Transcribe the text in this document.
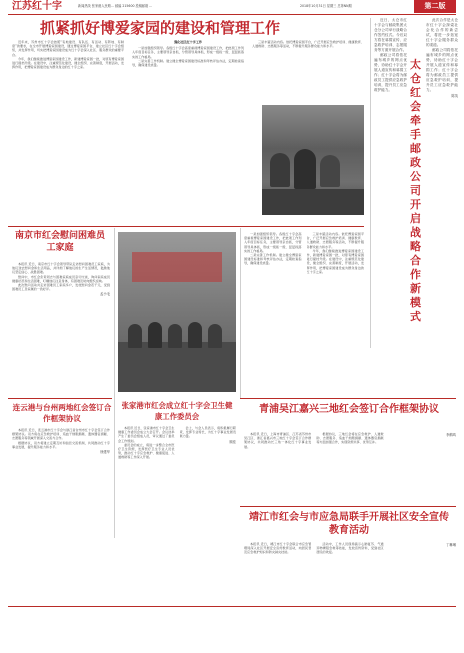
江苏红十字	新闻热线 张家港人民路... 邮编 215600 投稿邮箱 ...	2018年10月31日 星期三 总第NN期	第二版
抓紧抓好博爱家园的建设和管理工作

近年来，苏州市红十字会按照“有地建设、有队伍、有活动、有阵地、有制度”的要求，在全市开展博爱家园建设，通过博爱家园平台，建立社区红十字会组织，并发挥作用，切实把博爱家园建设成为红十字会深入社区、服务群众的重要平台。

今年，我们继续推进博爱家园建设工作，新建博爱家园一批，对原有博爱家园进行提档升级。在建设中，注重规范化建设，健全组织、完善制度，开展活动，发挥作用，把博爱家园建设成为群众身边的红十字之家。

强化社区红十字工作

一是加强组织领导。各级红十字会高度重视博爱家园建设工作，把此项工作列入年度目标任务，主要领导亲自抓，分管领导具体抓，形成一级抓一级、层层抓落实的工作格局。

二是完善工作机制。建立健全博爱家园建设标准和考核评估办法，定期检查指导，确保建设质量。

三是丰富活动内容。依托博爱家园平台，广泛开展应急救护培训、健康教育、人道救助、志愿服务等活动，不断提升服务群众能力和水平。

近日，太仓市红十字会与邮政集团太仓分公司举行战略合作签约仪式。今后双方将在募捐宣传、应急救护培训、志愿服务等方面开展合作。

邮政公司将依托遍布城乡的网点优势，协助红十字会开展人道宣传和募捐工作；红十字会将为邮政员工提供应急救护培训，提升员工应急救护能力。

太仓红会牵手邮政公司开启战略合作新模式

此次合作是太仓市红十字会探索社会化合作的新尝试，将进一步拓宽红十字会服务群众的渠道。

邮政公司将依托遍布城乡的网点优势，协助红十字会开展人道宣传和募捐工作；红十字会将为邮政员工提供应急救护培训，提升员工应急救护能力。

陈英

南京市红会慰问困难员工家庭

本报讯 近日，南京市红十字会领导带队走访慰问困难员工家庭，为他们送去慰问金和生活用品，并详细了解他们的生产生活情况，鼓励他们坚定信心、战胜困难。

慰问中，市红会负责同志与困难家庭成员亲切交谈，询问家庭成员健康状况和生活困难，叮嘱他们注意身体，有困难及时向组织反映。

此次慰问活动共走访困难员工家庭多户，发放慰问金若干元，受到困难员工及家属的一致好评。

孟小毛

连云港与台州两地红会签订合作框架协议

本报讯 近日，连云港市红十字会与浙江省台州市红十字会签订合作框架协议。双方将在应急救护培训、造血干细胞捐献、遗体器官捐献、志愿服务等领域开展深入交流与合作。

根据协议，双方将建立定期互访和信息交流机制，共同推动红十字事业发展，提升服务能力和水平。

徐建华

张家港市红会成立红十字会卫生健康工作委员会

本报讯 近日，张家港市红十字会卫生健康工作委员会成立大会召开。会议选举产生了委员会组成人员，审议通过了委员会工作规则。

委员会的成立，将进一步整合全市医疗卫生资源，发挥医疗卫生专业人员优势，推动红十字应急救护、健康促进、人道救助等工作深入开展。

会上，与会人员表示，将积极履行职责，发挥专业特长，为红十字事业发展贡献力量。

顾佳

一是加强组织领导。各级红十字会高度重视博爱家园建设工作，把此项工作列入年度目标任务，主要领导亲自抓，分管领导具体抓，形成一级抓一级、层层抓落实的工作格局。

二是完善工作机制。建立健全博爱家园建设标准和考核评估办法，定期检查指导，确保建设质量。

三是丰富活动内容。依托博爱家园平台，广泛开展应急救护培训、健康教育、人道救助、志愿服务等活动，不断提升服务群众能力和水平。

今年，我们继续推进博爱家园建设工作，新建博爱家园一批，对原有博爱家园进行提档升级。在建设中，注重规范化建设，健全组织、完善制度，开展活动，发挥作用，把博爱家园建设成为群众身边的红十字之家。

青浦吴江嘉兴三地红会签订合作框架协议

本报讯 近日，上海市青浦区、江苏省苏州市吴江区、浙江省嘉兴市三地红十字会签订合作框架协议，共同推动长三角一体化红十字事业发展。

根据协议，三地红会将在应急救护、人道救助、志愿服务、造血干细胞捐献、遗体器官捐献等方面加强合作，实现资源共享、优势互补。

李鹤鸣

靖江市红会与市应急局联手开展社区安全宣传教育活动

本报讯 近日，靖江市红十字会联合市应急管理局深入社区开展安全宣传教育活动，向居民普及应急救护知识和防灾减灾技能。

活动中，工作人员现场演示心肺复苏、气道异物梗阻急救等技能，发放宣传资料，受到社区居民的欢迎。

丁琳琳
